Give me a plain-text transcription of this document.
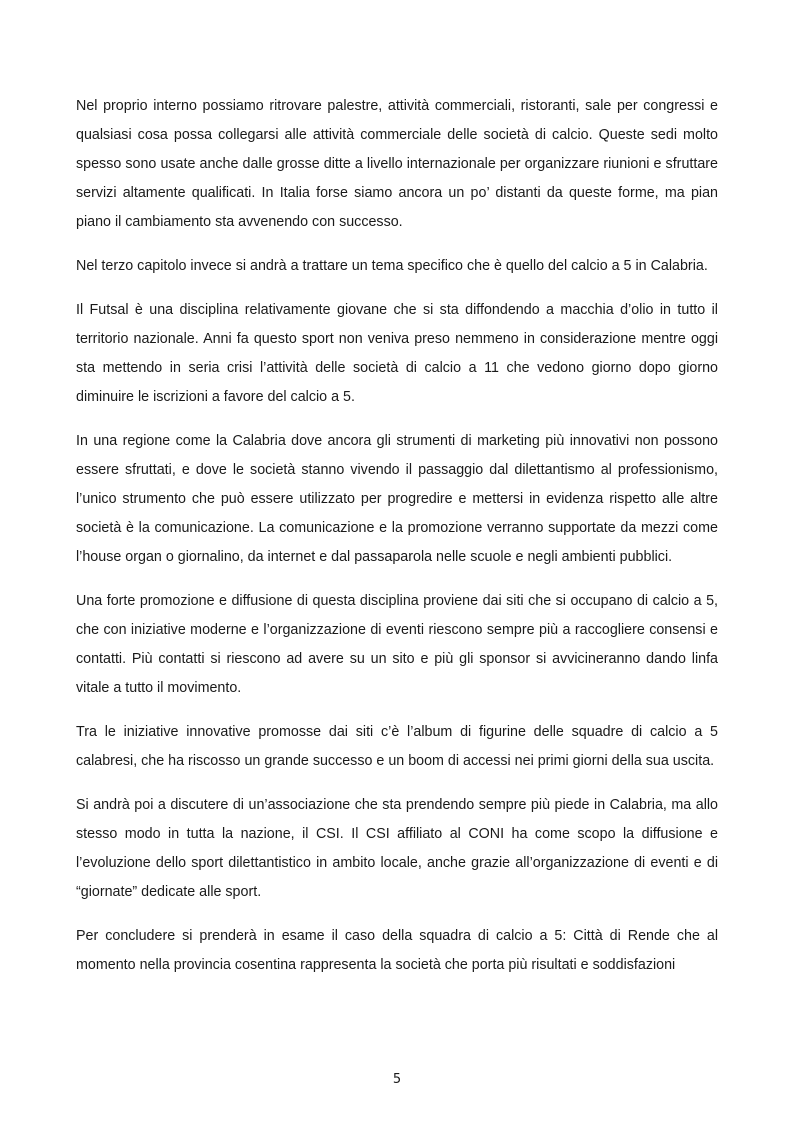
Nel proprio interno possiamo ritrovare palestre, attività commerciali, ristoranti, sale per congressi e qualsiasi cosa possa collegarsi alle attività commerciale delle società di calcio. Queste sedi molto spesso sono usate anche dalle grosse ditte a livello internazionale per organizzare riunioni e sfruttare servizi altamente qualificati. In Italia forse siamo ancora un po’ distanti da queste forme, ma pian piano il cambiamento sta avvenendo con successo.

Nel terzo capitolo invece si andrà a trattare un tema specifico che è quello del calcio a 5 in Calabria.

Il Futsal è una disciplina relativamente giovane che si sta diffondendo a macchia d’olio in tutto il territorio nazionale. Anni fa questo sport non veniva preso nemmeno in considerazione mentre oggi sta mettendo in seria crisi l’attività delle società di calcio a 11 che vedono giorno dopo giorno diminuire le iscrizioni a favore del calcio a 5.

In una regione come la Calabria dove ancora gli strumenti di marketing più innovativi non possono essere sfruttati, e dove le società stanno vivendo il passaggio dal dilettantismo al professionismo, l’unico strumento che può essere utilizzato per progredire e mettersi in evidenza rispetto alle altre società è la comunicazione. La comunicazione e la promozione verranno supportate da mezzi come l’house organ o giornalino, da internet e dal passaparola nelle scuole e negli ambienti pubblici.

Una forte promozione e diffusione di questa disciplina proviene dai siti che si occupano di calcio a 5, che con iniziative moderne e l’organizzazione di eventi riescono sempre più a raccogliere consensi e contatti. Più contatti si riescono ad avere su un sito e più gli sponsor si avvicineranno dando linfa vitale a tutto il movimento.

Tra le iniziative innovative promosse dai siti c’è l’album di figurine delle squadre di calcio a 5 calabresi, che ha riscosso un grande successo e un boom di accessi nei primi giorni della sua uscita.

Si andrà poi a discutere di un’associazione che sta prendendo sempre più piede in Calabria, ma allo stesso modo in tutta la nazione, il CSI. Il CSI affiliato al CONI ha come scopo la diffusione e l’evoluzione dello sport dilettantistico in ambito locale, anche grazie all’organizzazione di eventi e di “giornate” dedicate alle sport.

Per concludere si prenderà in esame il caso della squadra di calcio a 5: Città di Rende che al momento nella provincia cosentina rappresenta la società che porta più risultati e soddisfazioni

5
